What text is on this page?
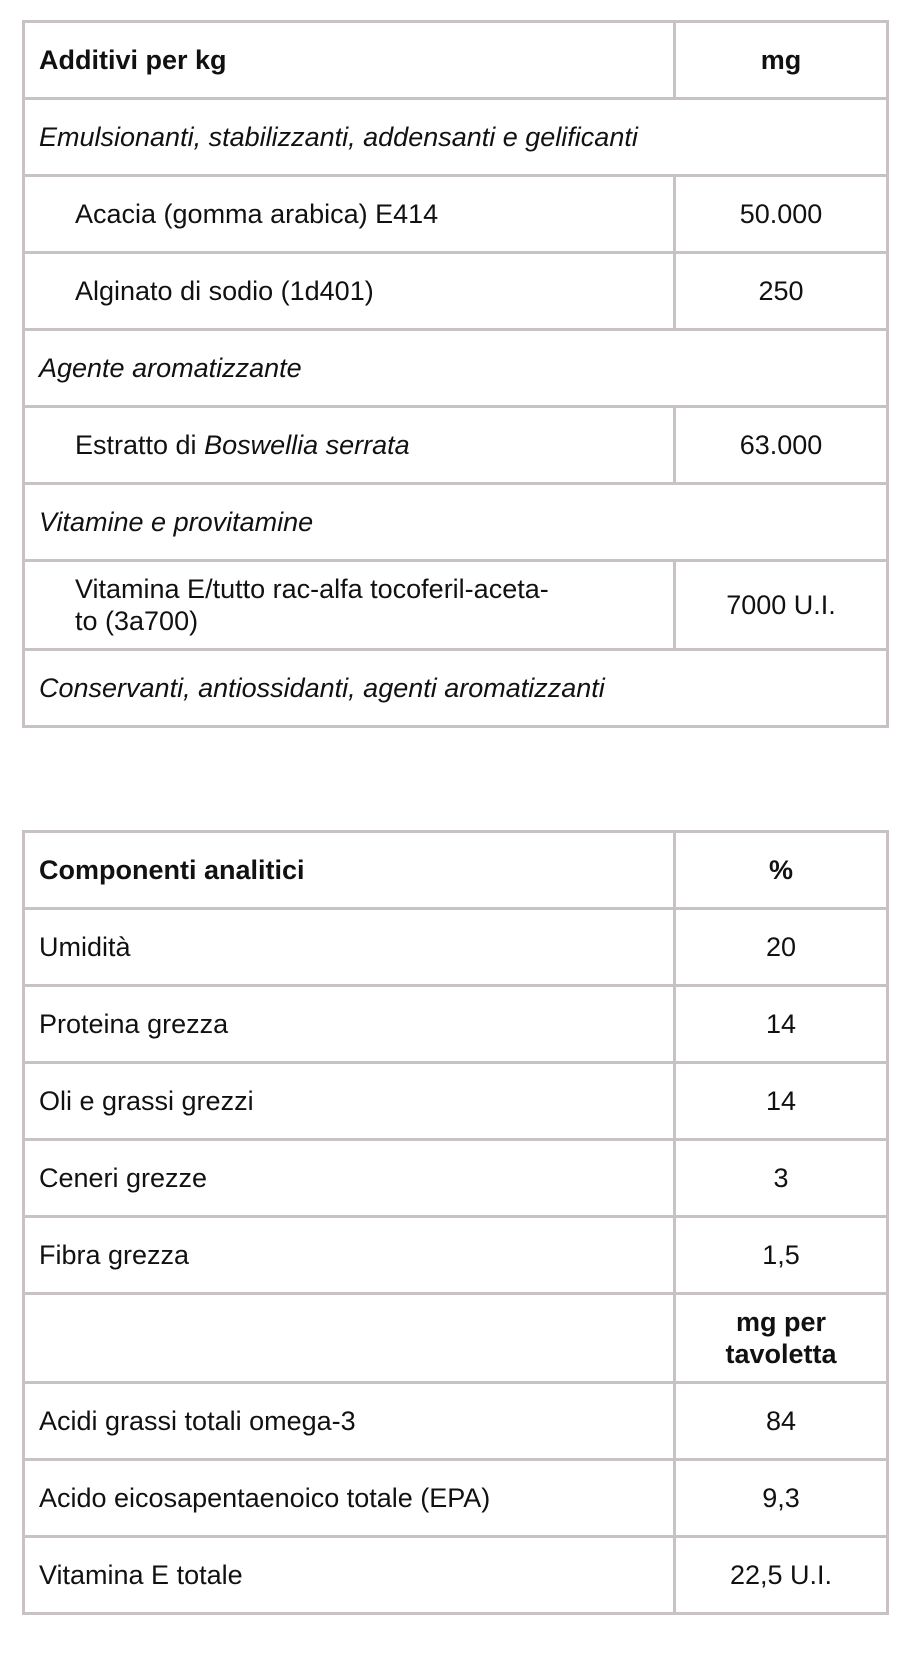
Additivi per kg	mg
Emulsionanti, stabilizzanti, addensanti e gelificanti	
Acacia (gomma arabica) E414	50.000
Alginato di sodio (1d401)	250
Agente aromatizzante	
Estratto di Boswellia serrata	63.000
Vitamine e provitamine	
Vitamina E/tutto rac-alfa tocoferil-aceta-
to (3a700)	7000 U.I.
Conservanti, antiossidanti, agenti aromatizzanti	
Componenti analitici	%
Umidità	20
Proteina grezza	14
Oli e grassi grezzi	14
Ceneri grezze	3
Fibra grezza	1,5
	mg per
tavoletta
Acidi grassi totali omega-3	84
Acido eicosapentaenoico totale (EPA)	9,3
Vitamina E totale	22,5 U.I.
